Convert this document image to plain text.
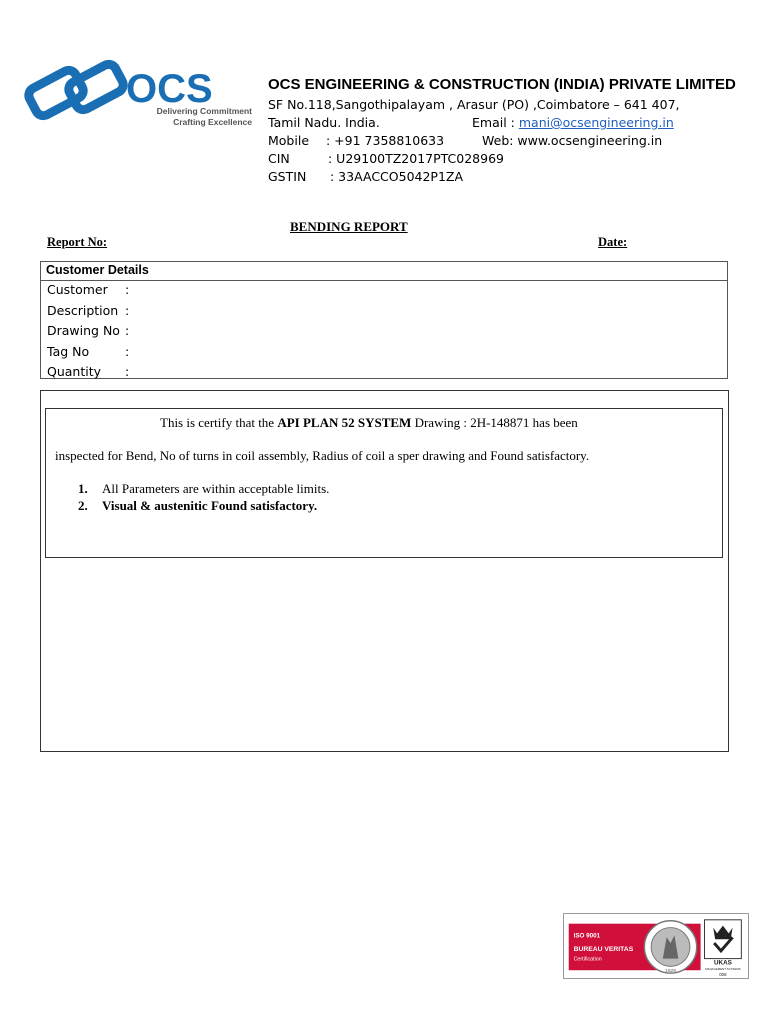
OCS
Delivering Commitment
Crafting Excellence
OCS ENGINEERING & CONSTRUCTION (INDIA) PRIVATE LIMITED
SF No.118,Sangothipalayam , Arasur (PO) ,Coimbatore – 641 407,
Tamil Nadu. India.	Email : mani@ocsengineering.in
Mobile : +91 7358810633	Web: www.ocsengineering.in
CIN	: U29100TZ2017PTC028969
GSTIN : 33AACCO5042P1ZA
BENDING REPORT
Report No:	Date:
Customer Details
Customer :
Description :
Drawing No :
Tag No	:
Quantity :
This is certify that the API PLAN 52 SYSTEM Drawing : 2H-148871 has been
inspected for Bend, No of turns in coil assembly, Radius of coil a sper drawing and Found satisfactory.
1. All Parameters are within acceptable limits.
2. Visual & austenitic Found satisfactory.
ISO 9001
BUREAU VERITAS
Certification
1828
UKAS
MANAGEMENT SYSTEMS
008
